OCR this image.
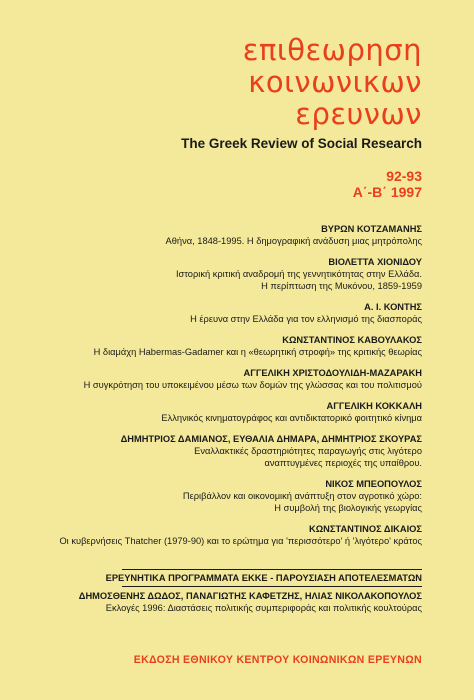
επιθεωρηση
κοινωνικων
ερευνων
The Greek Review of Social Research
92-93
Α΄-Β΄ 1997
ΒΥΡΩΝ ΚΟΤΖΑΜΑΝΗΣ
Αθήνα, 1848-1995. Η δημογραφική ανάδυση μιας μητρόπολης
ΒΙΟΛΕΤΤΑ ΧΙΟΝΙΔΟΥ
Ιστορική κριτική αναδρομή της γεννητικότητας στην Ελλάδα.
Η περίπτωση της Μυκόνου, 1859-1959
Α. Ι. ΚΟΝΤΗΣ
Η έρευνα στην Ελλάδα για τον ελληνισμό της διασποράς
ΚΩΝΣΤΑΝΤΙΝΟΣ ΚΑΒΟΥΛΑΚΟΣ
Η διαμάχη Habermas-Gadamer και η «θεωρητική στροφή» της κριτικής θεωρίας
ΑΓΓΕΛΙΚΗ ΧΡΙΣΤΟΔΟΥΛΙΔΗ-ΜΑΖΑΡΑΚΗ
Η συγκρότηση του υποκειμένου μέσω των δομών της γλώσσας και του πολιτισμού
ΑΓΓΕΛΙΚΗ ΚΟΚΚΑΛΗ
Ελληνικός κινηματογράφος και αντιδικτατορικό φοιτητικό κίνημα
ΔΗΜΗΤΡΙΟΣ ΔΑΜΙΑΝΟΣ, ΕΥΘΑΛΙΑ ΔΗΜΑΡΑ, ΔΗΜΗΤΡΙΟΣ ΣΚΟΥΡΑΣ
Εναλλακτικές δραστηριότητες παραγωγής στις λιγότερο
αναπτυγμένες περιοχές της υπαίθρου.
ΝΙΚΟΣ ΜΠΕΟΠΟΥΛΟΣ
Περιβάλλον και οικονομική ανάπτυξη στον αγροτικό χώρο:
Η συμβολή της βιολογικής γεωργίας
ΚΩΝΣΤΑΝΤΙΝΟΣ ΔΙΚΑΙΟΣ
Οι κυβερνήσεις Thatcher (1979-90) και το ερώτημα για 'περισσότερο' ή 'λιγότερο' κράτος
ΕΡΕΥΝΗΤΙΚΑ ΠΡΟΓΡΑΜΜΑΤΑ ΕΚΚΕ - ΠΑΡΟΥΣΙΑΣΗ ΑΠΟΤΕΛΕΣΜΑΤΩΝ
ΔΗΜΟΣΘΕΝΗΣ ΔΩΔΟΣ, ΠΑΝΑΓΙΩΤΗΣ ΚΑΦΕΤΖΗΣ, ΗΛΙΑΣ ΝΙΚΟΛΑΚΟΠΟΥΛΟΣ
Εκλογές 1996: Διαστάσεις πολιτικής συμπεριφοράς και πολιτικής κουλτούρας
ΕΚΔΟΣΗ ΕΘΝΙΚΟΥ ΚΕΝΤΡΟΥ ΚΟΙΝΩΝΙΚΩΝ ΕΡΕΥΝΩΝ
